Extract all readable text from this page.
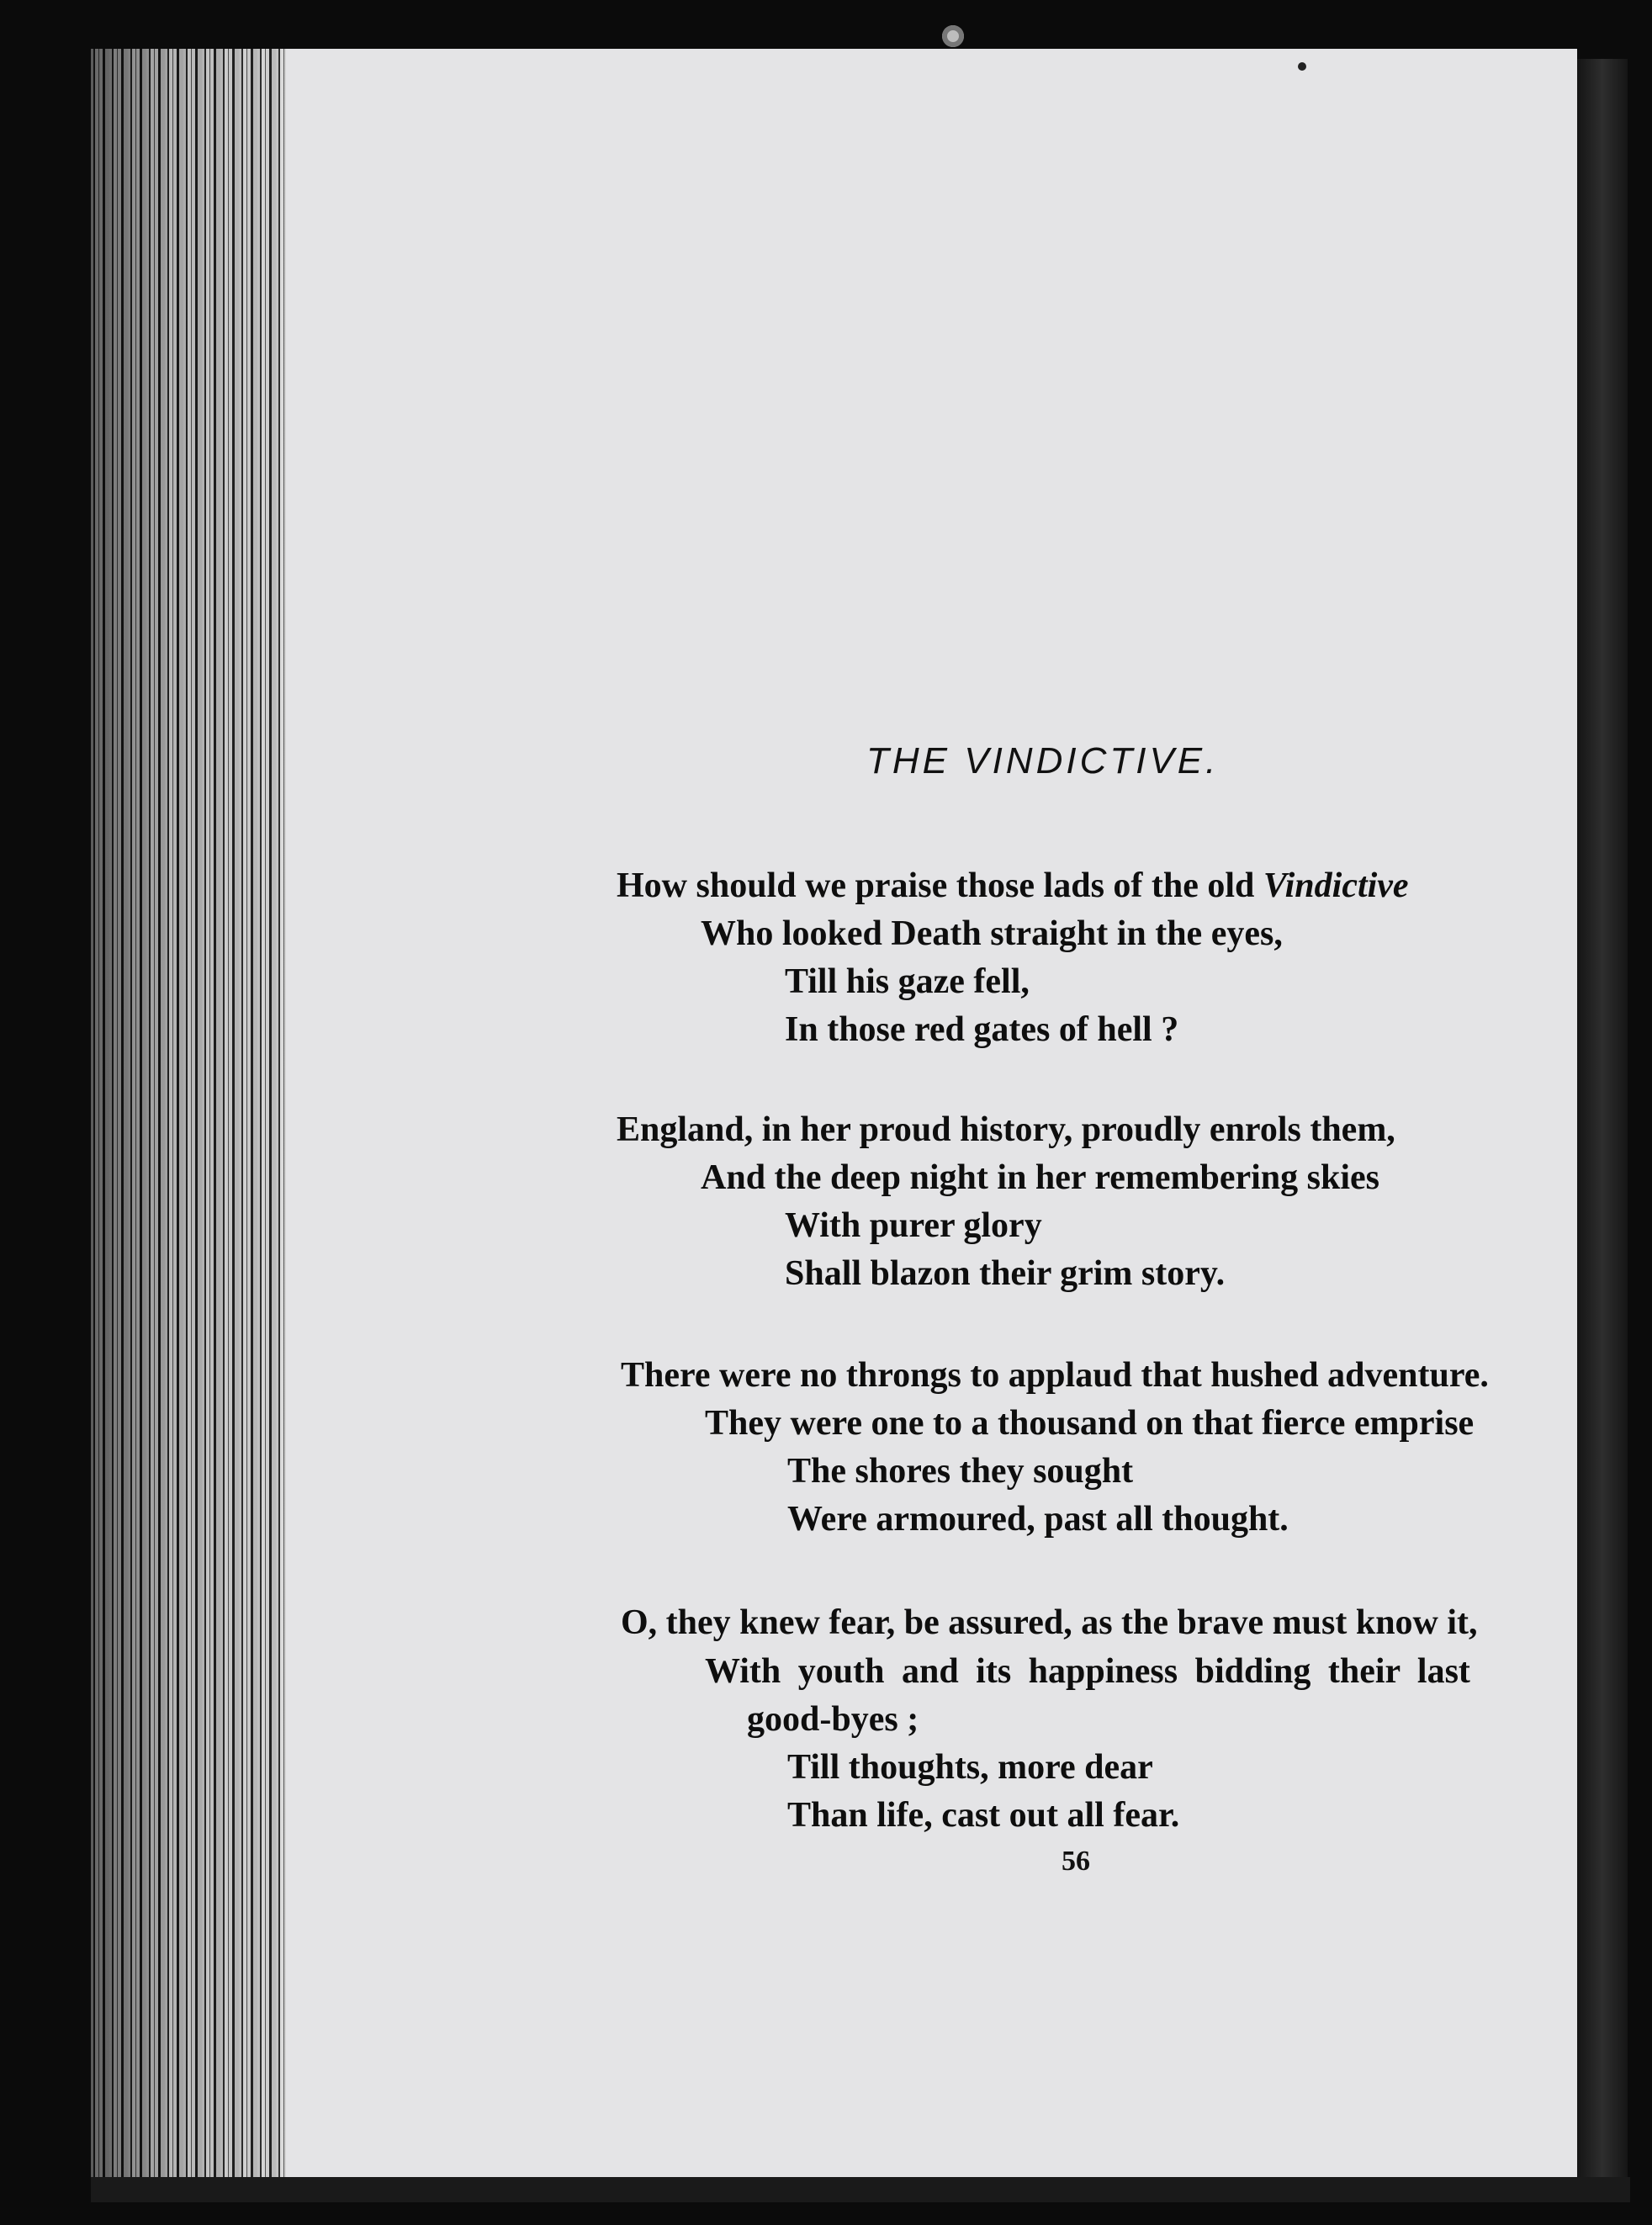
THE VINDICTIVE.
How should we praise those lads of the old Vindictive
Who looked Death straight in the eyes,
Till his gaze fell,
In those red gates of hell ?
England, in her proud history, proudly enrols them,
And the deep night in her remembering skies
With purer glory
Shall blazon their grim story.
There were no throngs to applaud that hushed adventure.
They were one to a thousand on that fierce emprise
The shores they sought
Were armoured, past all thought.
O, they knew fear, be assured, as the brave must know it,
With youth and its happiness bidding their last
good-byes ;
Till thoughts, more dear
Than life, cast out all fear.
56
